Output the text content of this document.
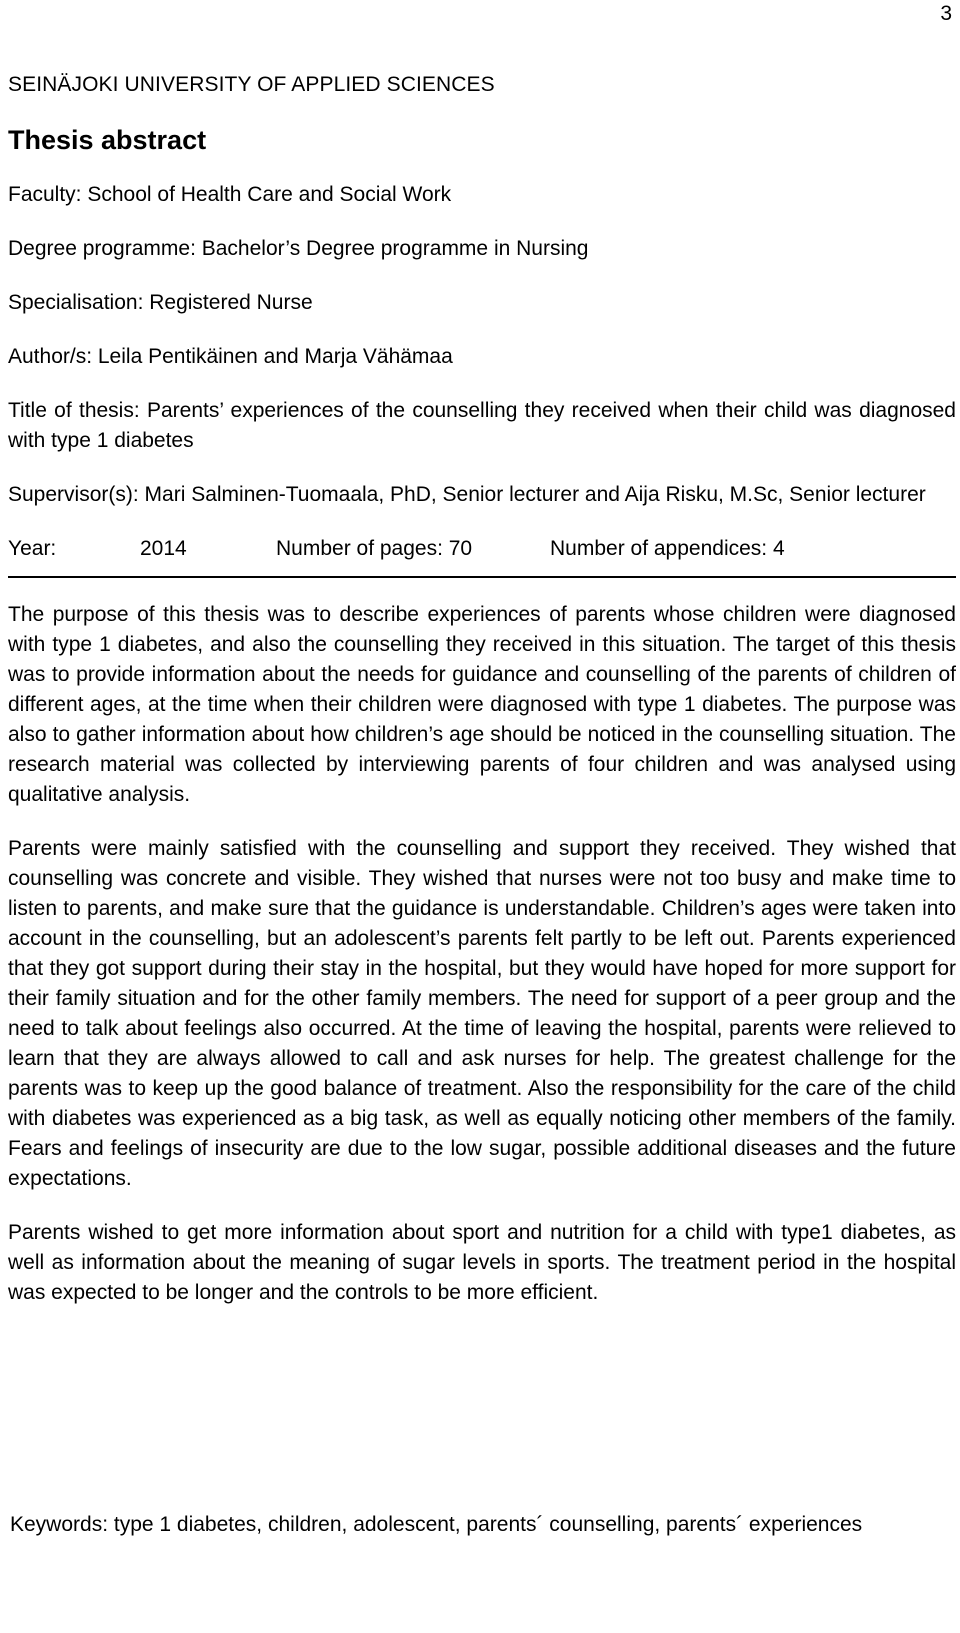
3

SEINÄJOKI UNIVERSITY OF APPLIED SCIENCES

Thesis abstract

Faculty: School of Health Care and Social Work

Degree programme: Bachelor’s Degree programme in Nursing

Specialisation: Registered Nurse

Author/s: Leila Pentikäinen and Marja Vähämaa

Title of thesis: Parents’ experiences of the counselling they received when their child was diagnosed with type 1 diabetes

Supervisor(s): Mari Salminen-Tuomaala, PhD, Senior lecturer and Aija Risku, M.Sc, Senior lecturer

Year:	2014	Number of pages: 70	Number of appendices: 4

The purpose of this thesis was to describe experiences of parents whose children were diagnosed with type 1 diabetes, and also the counselling they received in this situation. The target of this thesis was to provide information about the needs for guidance and counselling of the parents of children of different ages, at the time when their children were diagnosed with type 1 diabetes. The purpose was also to gather information about how children’s age should be noticed in the counselling situation. The research material was collected by interviewing parents of four children and was analysed using qualitative analysis.

Parents were mainly satisfied with the counselling and support they received. They wished that counselling was concrete and visible. They wished that nurses were not too busy and make time to listen to parents, and make sure that the guidance is understandable. Children’s ages were taken into account in the counselling, but an adolescent’s parents felt partly to be left out. Parents experienced that they got support during their stay in the hospital, but they would have hoped for more support for their family situation and for the other family members. The need for support of a peer group and the need to talk about feelings also occurred. At the time of leaving the hospital, parents were relieved to learn that they are always allowed to call and ask nurses for help. The greatest challenge for the parents was to keep up the good balance of treatment. Also the responsibility for the care of the child with diabetes was experienced as a big task, as well as equally noticing other members of the family. Fears and feelings of insecurity are due to the low sugar, possible additional diseases and the future expectations.

Parents wished to get more information about sport and nutrition for a child with type1 diabetes, as well as information about the meaning of sugar levels in sports. The treatment period in the hospital was expected to be longer and the controls to be more efficient.

Keywords: type 1 diabetes, children, adolescent, parents´ counselling, parents´ experiences
